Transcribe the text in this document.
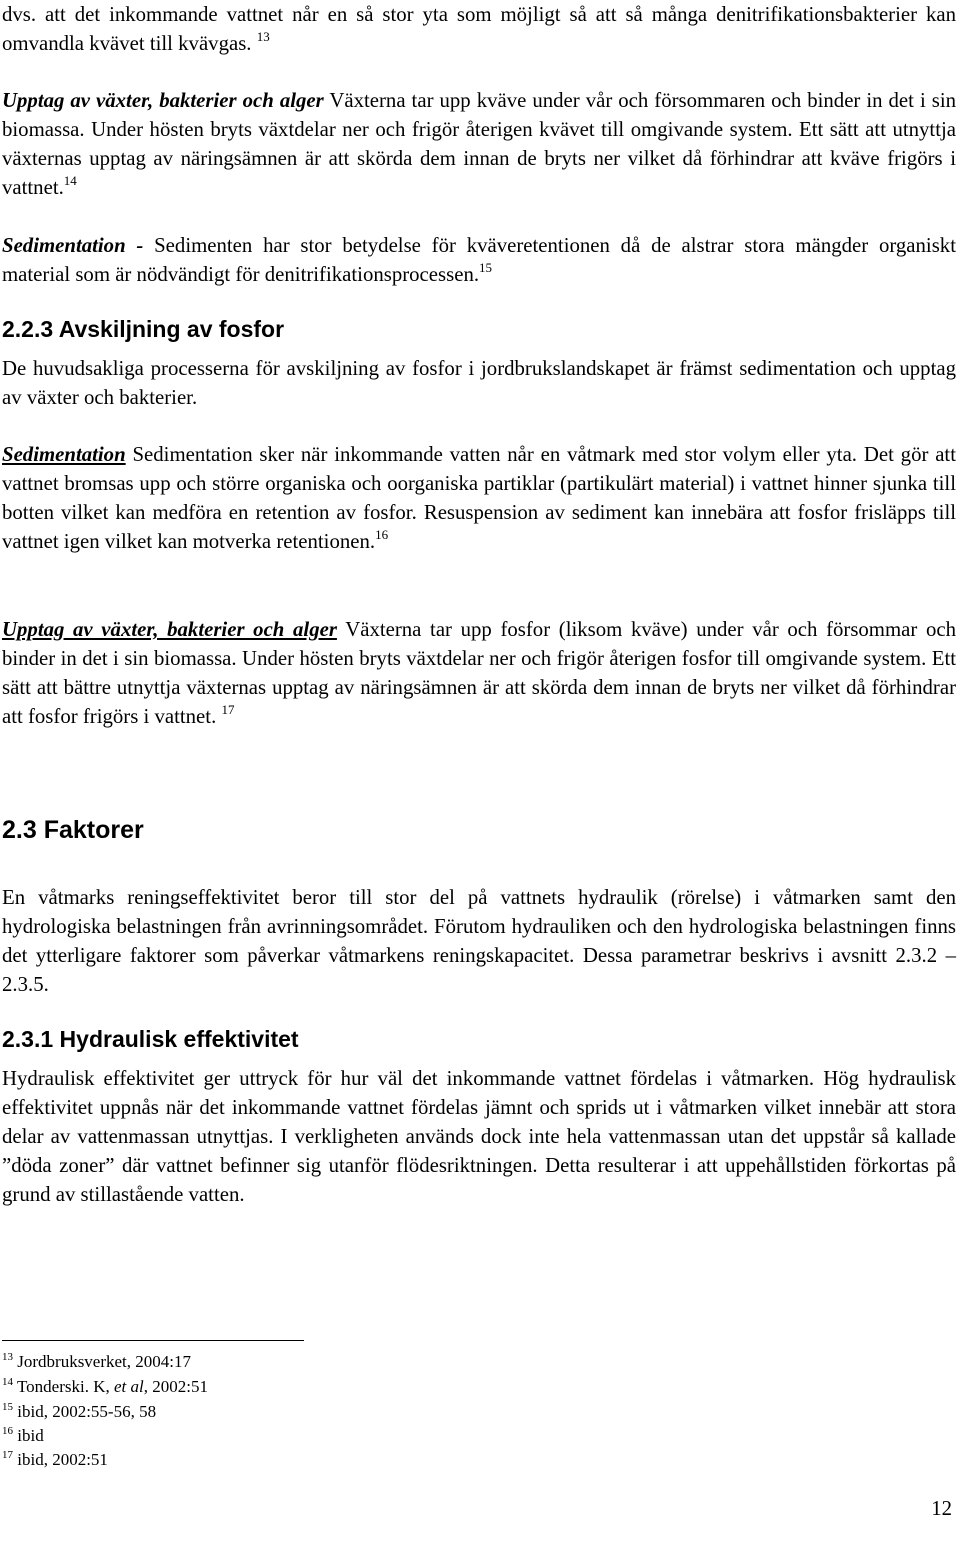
dvs. att det inkommande vattnet når en så stor yta som möjligt så att så många denitrifikationsbakterier kan omvandla kvävet till kvävgas. $^{13}$

Upptag av växter, bakterier och alger Växterna tar upp kväve under vår och försommaren och binder in det i sin biomassa. Under hösten bryts växtdelar ner och frigör återigen kvävet till omgivande system. Ett sätt att utnyttja växternas upptag av näringsämnen är att skörda dem innan de bryts ner vilket då förhindrar att kväve frigörs i vattnet.$^{14}$

Sedimentation - Sedimenten har stor betydelse för kväveretentionen då de alstrar stora mängder organiskt material som är nödvändigt för denitrifikationsprocessen.$^{15}$

2.2.3 Avskiljning av fosfor

De huvudsakliga processerna för avskiljning av fosfor i jordbrukslandskapet är främst sedimentation och upptag av växter och bakterier.

Sedimentation Sedimentation sker när inkommande vatten når en våtmark med stor volym eller yta. Det gör att vattnet bromsas upp och större organiska och oorganiska partiklar (partikulärt material) i vattnet hinner sjunka till botten vilket kan medföra en retention av fosfor. Resuspension av sediment kan innebära att fosfor frisläpps till vattnet igen vilket kan motverka retentionen.$^{16}$

Upptag av växter, bakterier och alger Växterna tar upp fosfor (liksom kväve) under vår och försommar och binder in det i sin biomassa. Under hösten bryts växtdelar ner och frigör återigen fosfor till omgivande system. Ett sätt att bättre utnyttja växternas upptag av näringsämnen är att skörda dem innan de bryts ner vilket då förhindrar att fosfor frigörs i vattnet. $^{17}$

2.3 Faktorer

En våtmarks reningseffektivitet beror till stor del på vattnets hydraulik (rörelse) i våtmarken samt den hydrologiska belastningen från avrinningsområdet. Förutom hydrauliken och den hydrologiska belastningen finns det ytterligare faktorer som påverkar våtmarkens reningskapacitet. Dessa parametrar beskrivs i avsnitt 2.3.2 – 2.3.5.

2.3.1 Hydraulisk effektivitet

Hydraulisk effektivitet ger uttryck för hur väl det inkommande vattnet fördelas i våtmarken. Hög hydraulisk effektivitet uppnås när det inkommande vattnet fördelas jämnt och sprids ut i våtmarken vilket innebär att stora delar av vattenmassan utnyttjas. I verkligheten används dock inte hela vattenmassan utan det uppstår så kallade ”döda zoner” där vattnet befinner sig utanför flödesriktningen. Detta resulterar i att uppehållstiden förkortas på grund av stillastående vatten.

$^{13}$ Jordbruksverket, 2004:17
$^{14}$ Tonderski. K, et al, 2002:51
$^{15}$ ibid, 2002:55-56, 58
$^{16}$ ibid
$^{17}$ ibid, 2002:51
12
